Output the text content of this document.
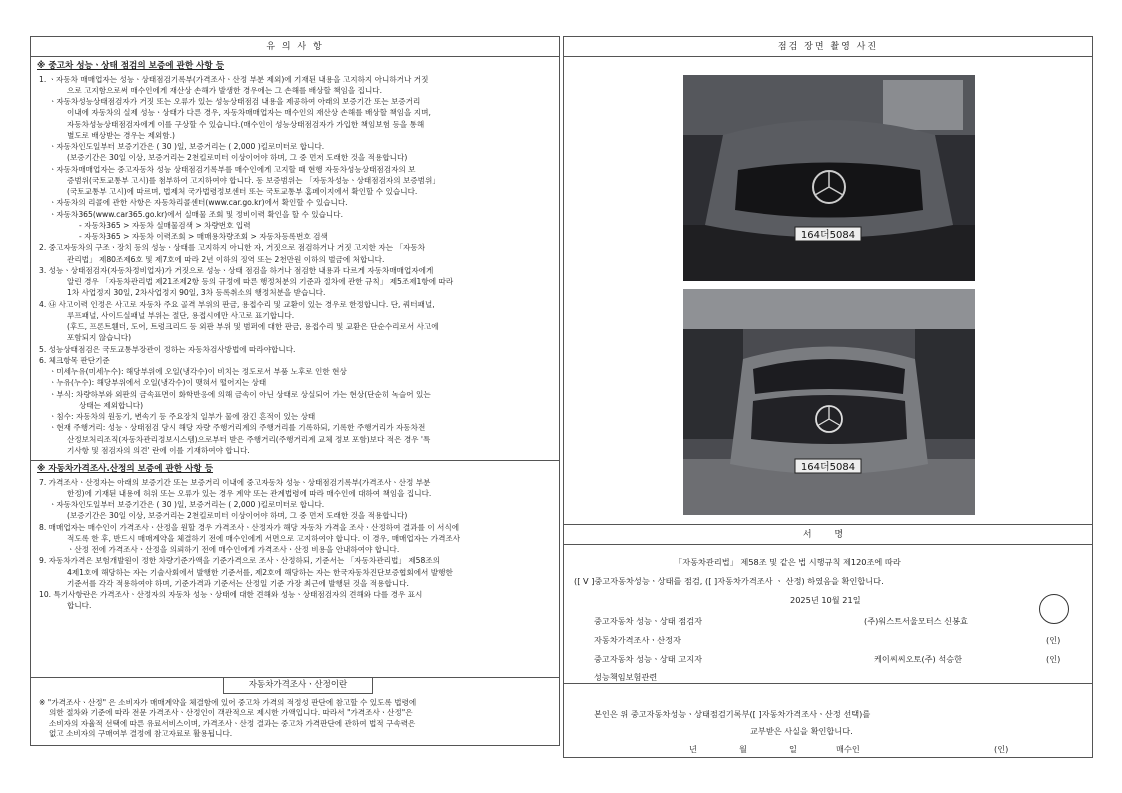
유 의 사 항
※ 중고차 성능ㆍ상태 점검의 보증에 관한 사항 등
1. ㆍ자동차 매매업자는 성능ㆍ상태점검기록부(가격조사ㆍ산정 부분 제외)에 기재된 내용을 고지하지 아니하거나 거짓
으로 고지함으로써 매수인에게 재산상 손해가 발생한 경우에는 그 손해를 배상할 책임을 집니다.
ㆍ자동차성능상태점검자가 거짓 또는 오류가 있는 성능상태점검 내용을 제공하여 아래의 보증기간 또는 보증거리
이내에 자동차의 실제 성능ㆍ상태가 다른 경우, 자동차매매업자는 매수인의 재산상 손해를 배상할 책임을 지며,
자동차성능상태점검자에게 이를 구상할 수 있습니다.(매수인이 성능상태점검자가 가입한 책임보험 등을 통해
별도로 배상받는 경우는 제외함.)
ㆍ자동차인도일부터 보증기간은 ( 30 )일, 보증거리는 ( 2,000 )킬로미터로 합니다.
(보증기간은 30일 이상, 보증거리는 2천킬로미터 이상이어야 하며, 그 중 먼저 도래한 것을 적용합니다)
ㆍ자동차매매업자는 중고자동차 성능 상태점검기록부를 매수인에게 고지할 때 현행 자동차성능상태점검자의 보
증범위(국토교통부 고시)를 첨부하여 고지하여야 합니다. 동 보증범위는 「자동차성능ㆍ상태점검자의 보증범위」
(국토교통부 고시)에 따르며, 법제처 국가법령정보센터 또는 국토교통부 홈페이지에서 확인할 수 있습니다.
ㆍ자동차의 리콜에 관한 사항은 자동차리콜센터(www.car.go.kr)에서 확인할 수 있습니다.
ㆍ자동차365(www.car365.go.kr)에서 실매물 조회 및 정비이력 확인을 할 수 있습니다.
- 자동차365 > 자동차 실매물검색 > 차량번호 입력
- 자동차365 > 자동차 이력조회 > 매매용차량조회 > 자동차등록번호 검색
2. 중고자동차의 구조ㆍ장치 등의 성능ㆍ상태를 고지하지 아니한 자, 거짓으로 점검하거나 거짓 고지한 자는 「자동차
관리법」 제80조제6호 및 제7호에 따라 2년 이하의 징역 또는 2천만원 이하의 벌금에 처합니다.
3. 성능ㆍ상태점검자(자동차정비업자)가 거짓으로 성능ㆍ상태 점검을 하거나 점검한 내용과 다르게 자동차매매업자에게
알린 경우 「자동차관리법 제21조제2항 등의 규정에 따른 행정처분의 기준과 절차에 관한 규칙」 제5조제1항에 따라
1차 사업정지 30일, 2차사업정지 90일, 3차 등록취소의 행정처분을 받습니다.
4. ㉯ 사고이력 인정은 사고로 자동차 주요 골격 부위의 판금, 용접수리 및 교환이 있는 경우로 한정합니다. 단, 쿼터패널,
루프패널, 사이드실패널 부위는 절단, 용접시에만 사고로 표기합니다.
(후드, 프론트휀더, 도어, 트렁크리드 등 외판 부위 및 범퍼에 대한 판금, 용접수리 및 교환은 단순수리로서 사고에
포함되지 않습니다)
5. 성능상태점검은 국토교통부장관이 정하는 자동차검사방법에 따라야합니다.
6. 체크항목 판단기준
ㆍ미세누유(미세누수): 해당부위에 오일(냉각수)이 비치는 정도로서 부품 노후로 인한 현상
ㆍ누유(누수): 해당부위에서 오일(냉각수)이 맺혀서 떨어지는 상태
ㆍ부식: 차량하부와 외판의 금속표면이 화학반응에 의해 금속이 아닌 상태로 상실되어 가는 현상(단순히 녹슬어 있는
상태는 제외합니다)
ㆍ침수: 자동차의 원동기, 변속기 등 주요장치 일부가 물에 잠긴 흔적이 있는 상태
ㆍ현재 주행거리: 성능ㆍ상태점검 당시 해당 자량 주행거리계의 주행거리를 기록하되, 기록한 주행거리가 자동차전
산정보처리조직(자동차관리정보시스템)으로부터 받은 주행거리(주행거리계 교체 정보 포함)보다 적은 경우 '특
기사항 및 점검자의 의견' 란에 이를 기재하여야 합니다.
※ 자동차가격조사.산정의 보증에 관한 사항 등
7. 가격조사ㆍ산정자는 아래의 보증기간 또는 보증거리 이내에 중고자동차 성능ㆍ상태점검기록부(가격조사ㆍ산정 부분
한정)에 기재된 내용에 허위 또는 오류가 있는 경우 계약 또는 관계법령에 따라 매수인에 대하여 책임을 집니다.
ㆍ자동차인도일부터 보증기간은 ( 30 )일, 보증거리는 ( 2,000 )킬로미터로 합니다.
(보증기간은 30일 이상, 보증거리는 2천킬로미터 이상이어야 하며, 그 중 먼저 도래한 것을 적용합니다)
8. 매매업자는 매수인이 가격조사ㆍ산정을 원할 경우 가격조사ㆍ산정자가 해당 자동차 가격을 조사ㆍ산정하여 결과를 이 서식에
적도록 한 후, 반드시 매매계약을 체결하기 전에 매수인에게 서면으로 고지하여야 합니다. 이 경우, 매매업자는 가격조사
ㆍ산정 전에 가격조사ㆍ산정을 의뢰하기 전에 매수인에게 가격조사ㆍ산정 비용을 안내하여야 합니다.
9. 자동차가격은 보험개발원이 정한 차량기준가액을 기준가격으로 조사ㆍ산정하되, 기준서는 「자동차관리법」 제58조의
4제1호에 해당하는 자는 기술사회에서 발행한 기준서를, 제2호에 해당하는 자는 한국자동차진단보증협회에서 발행한
기준서를 각각 적용하여야 하며, 기준가격과 기준서는 산정일 기준 가장 최근에 발행된 것을 적용합니다.
10. 특기사항란은 가격조사ㆍ산정자의 자동차 성능ㆍ상태에 대한 견해와 성능ㆍ상태점검자의 견해와 다를 경우 표시
합니다.
자동차가격조사ㆍ산정이란
※ "가격조사ㆍ산정" 은 소비자가 매매계약을 체결함에 있어 중고차 가격의 적정성 판단에 참고할 수 있도록 법령에
의한 절차와 기준에 따라 전문 가격조사ㆍ산정인이 객관적으로 제시한 가액입니다. 따라서 "가격조사ㆍ산정"은
소비자의 자율적 선택에 따른 유료서비스이며, 가격조사ㆍ산정 결과는 중고차 가격판단에 관하여 법적 구속력은
없고 소비자의 구매여부 결정에 참고자료로 활용됩니다.
점검 장면 촬영 사진
164더5084
164더5084
서 명
「자동차관리법」 제58조 및 같은 법 시행규칙 제120조에 따라
([ V ]중고자동차성능ㆍ상태를 점검, ([ ]자동차가격조사 ㆍ 산정) 하였음을 확인합니다.
2025년 10월 21일
중고자동차 성능ㆍ상태 점검자	(주)워스트서울모터스 신봉효
자동차가격조사ㆍ산정자	(인)
중고자동차 성능ㆍ상태 고지자	케이씨씨오토(주) 석승한	(인)
성능책임보험관련
본인은 위 중고자동차성능ㆍ상태점검기록부([ ]자동차가격조사ㆍ산정 선택)를
교부받은 사실을 확인합니다.
년	월	일	매수인	(인)
